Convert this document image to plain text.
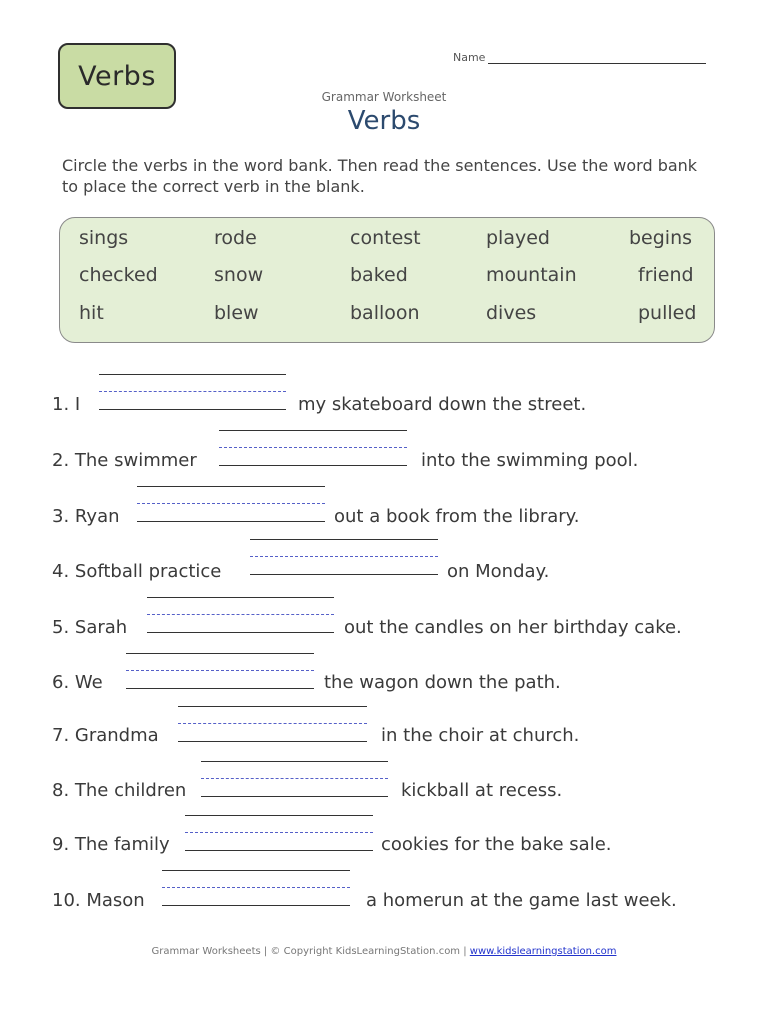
Verbs
Name
Grammar Worksheet
Verbs
Circle the verbs in the word bank. Then read the sentences. Use the word bank to place the correct verb in the blank.
sings	rode	contest	played	begins
checked	snow	baked	mountain	friend
hit	blew	balloon	dives	pulled
1. I	my skateboard down the street.
2. The swimmer	into the swimming pool.
3. Ryan	out a book from the library.
4. Softball practice	on Monday.
5. Sarah	out the candles on her birthday cake.
6. We	the wagon down the path.
7. Grandma	in the choir at church.
8. The children	kickball at recess.
9. The family	cookies for the bake sale.
10. Mason	a homerun at the game last week.
Grammar Worksheets | © Copyright KidsLearningStation.com | www.kidslearningstation.com
